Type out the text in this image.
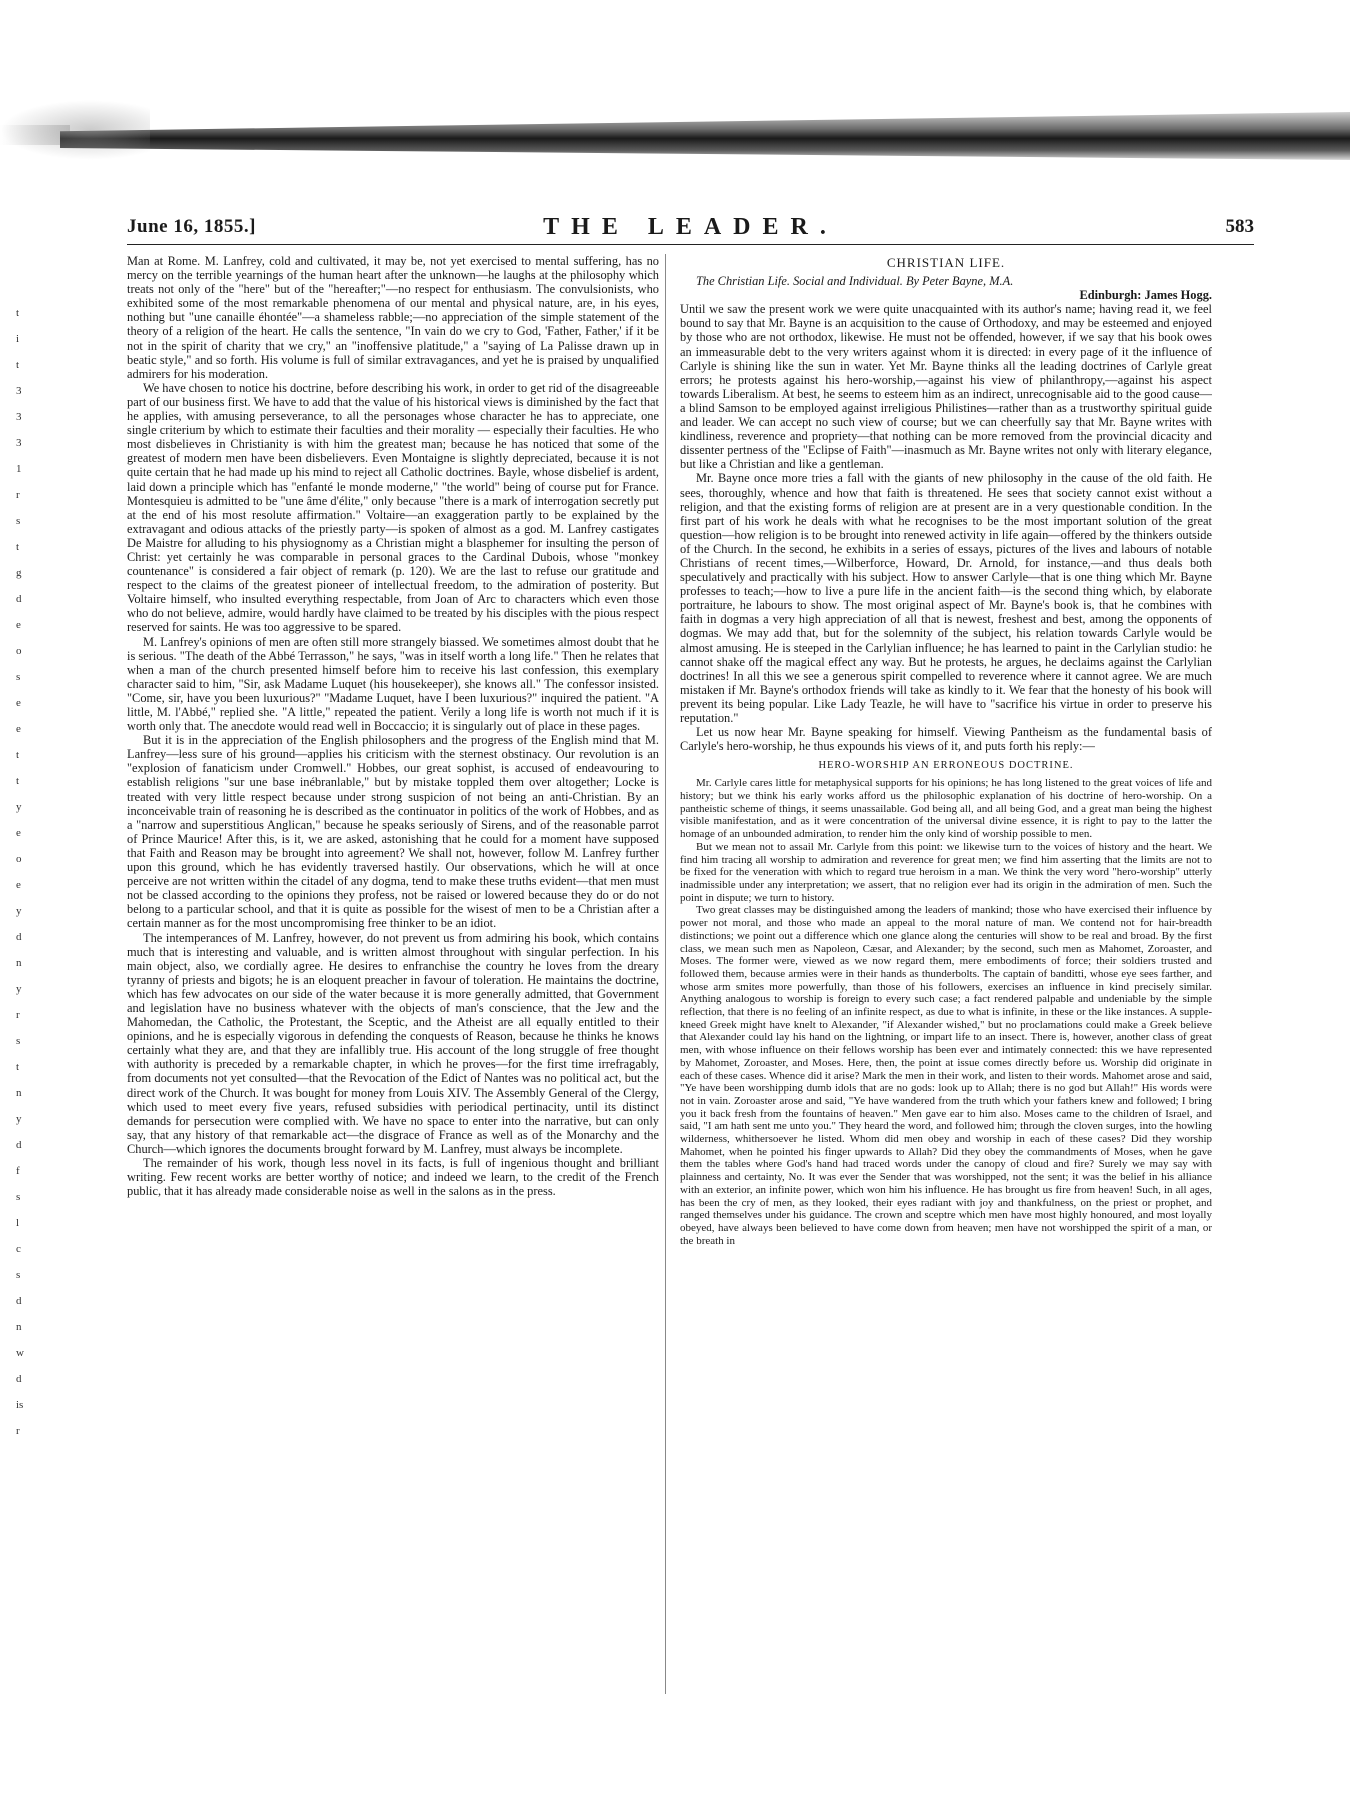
t
i
t
3
3
3
1
r
s
t
g
d
e
o
s
e
e
t
t
y
e
o
e
y
d
n
y
r
s
t
n
y
d
f
s
l
c
s
d
n
w
d
is
r
June 16, 1855.]	THE LEADER.	583

Man at Rome. M. Lanfrey, cold and cultivated, it may be, not yet exercised to mental suffering, has no mercy on the terrible yearnings of the human heart after the unknown—he laughs at the philosophy which treats not only of the "here" but of the "hereafter;"—no respect for enthusiasm. The convulsionists, who exhibited some of the most remarkable phenomena of our mental and physical nature, are, in his eyes, nothing but "une canaille éhontée"—a shameless rabble;—no appreciation of the simple statement of the theory of a religion of the heart. He calls the sentence, "In vain do we cry to God, 'Father, Father,' if it be not in the spirit of charity that we cry," an "inoffensive platitude," a "saying of La Palisse drawn up in beatic style," and so forth. His volume is full of similar extravagances, and yet he is praised by unqualified admirers for his moderation.

We have chosen to notice his doctrine, before describing his work, in order to get rid of the disagreeable part of our business first. We have to add that the value of his historical views is diminished by the fact that he applies, with amusing perseverance, to all the personages whose character he has to appreciate, one single criterium by which to estimate their faculties and their morality — especially their faculties. He who most disbelieves in Christianity is with him the greatest man; because he has noticed that some of the greatest of modern men have been disbelievers. Even Montaigne is slightly depreciated, because it is not quite certain that he had made up his mind to reject all Catholic doctrines. Bayle, whose disbelief is ardent, laid down a principle which has "enfanté le monde moderne," "the world" being of course put for France. Montesquieu is admitted to be "une âme d'élite," only because "there is a mark of interrogation secretly put at the end of his most resolute affirmation." Voltaire—an exaggeration partly to be explained by the extravagant and odious attacks of the priestly party—is spoken of almost as a god. M. Lanfrey castigates De Maistre for alluding to his physiognomy as a Christian might a blasphemer for insulting the person of Christ: yet certainly he was comparable in personal graces to the Cardinal Dubois, whose "monkey countenance" is considered a fair object of remark (p. 120). We are the last to refuse our gratitude and respect to the claims of the greatest pioneer of intellectual freedom, to the admiration of posterity. But Voltaire himself, who insulted everything respectable, from Joan of Arc to characters which even those who do not believe, admire, would hardly have claimed to be treated by his disciples with the pious respect reserved for saints. He was too aggressive to be spared.

M. Lanfrey's opinions of men are often still more strangely biassed. We sometimes almost doubt that he is serious. "The death of the Abbé Terrasson," he says, "was in itself worth a long life." Then he relates that when a man of the church presented himself before him to receive his last confession, this exemplary character said to him, "Sir, ask Madame Luquet (his housekeeper), she knows all." The confessor insisted. "Come, sir, have you been luxurious?" "Madame Luquet, have I been luxurious?" inquired the patient. "A little, M. l'Abbé," replied she. "A little," repeated the patient. Verily a long life is worth not much if it is worth only that. The anecdote would read well in Boccaccio; it is singularly out of place in these pages.

But it is in the appreciation of the English philosophers and the progress of the English mind that M. Lanfrey—less sure of his ground—applies his criticism with the sternest obstinacy. Our revolution is an "explosion of fanaticism under Cromwell." Hobbes, our great sophist, is accused of endeavouring to establish religions "sur une base inébranlable," but by mistake toppled them over altogether; Locke is treated with very little respect because under strong suspicion of not being an anti-Christian. By an inconceivable train of reasoning he is described as the continuator in politics of the work of Hobbes, and as a "narrow and superstitious Anglican," because he speaks seriously of Sirens, and of the reasonable parrot of Prince Maurice! After this, is it, we are asked, astonishing that he could for a moment have supposed that Faith and Reason may be brought into agreement? We shall not, however, follow M. Lanfrey further upon this ground, which he has evidently traversed hastily. Our observations, which he will at once perceive are not written within the citadel of any dogma, tend to make these truths evident—that men must not be classed according to the opinions they profess, not be raised or lowered because they do or do not belong to a particular school, and that it is quite as possible for the wisest of men to be a Christian after a certain manner as for the most uncompromising free thinker to be an idiot.

The intemperances of M. Lanfrey, however, do not prevent us from admiring his book, which contains much that is interesting and valuable, and is written almost throughout with singular perfection. In his main object, also, we cordially agree. He desires to enfranchise the country he loves from the dreary tyranny of priests and bigots; he is an eloquent preacher in favour of toleration. He maintains the doctrine, which has few advocates on our side of the water because it is more generally admitted, that Government and legislation have no business whatever with the objects of man's conscience, that the Jew and the Mahomedan, the Catholic, the Protestant, the Sceptic, and the Atheist are all equally entitled to their opinions, and he is especially vigorous in defending the conquests of Reason, because he thinks he knows certainly what they are, and that they are infallibly true. His account of the long struggle of free thought with authority is preceded by a remarkable chapter, in which he proves—for the first time irrefragably, from documents not yet consulted—that the Revocation of the Edict of Nantes was no political act, but the direct work of the Church. It was bought for money from Louis XIV. The Assembly General of the Clergy, which used to meet every five years, refused subsidies with periodical pertinacity, until its distinct demands for persecution were complied with. We have no space to enter into the narrative, but can only say, that any history of that remarkable act—the disgrace of France as well as of the Monarchy and the Church—which ignores the documents brought forward by M. Lanfrey, must always be incomplete.

The remainder of his work, though less novel in its facts, is full of ingenious thought and brilliant writing. Few recent works are better worthy of notice; and indeed we learn, to the credit of the French public, that it has already made considerable noise as well in the salons as in the press.

CHRISTIAN LIFE.

The Christian Life. Social and Individual. By Peter Bayne, M.A.

Edinburgh: James Hogg.

Until we saw the present work we were quite unacquainted with its author's name; having read it, we feel bound to say that Mr. Bayne is an acquisition to the cause of Orthodoxy, and may be esteemed and enjoyed by those who are not orthodox, likewise. He must not be offended, however, if we say that his book owes an immeasurable debt to the very writers against whom it is directed: in every page of it the influence of Carlyle is shining like the sun in water. Yet Mr. Bayne thinks all the leading doctrines of Carlyle great errors; he protests against his hero-worship,—against his view of philanthropy,—against his aspect towards Liberalism. At best, he seems to esteem him as an indirect, unrecognisable aid to the good cause—a blind Samson to be employed against irreligious Philistines—rather than as a trustworthy spiritual guide and leader. We can accept no such view of course; but we can cheerfully say that Mr. Bayne writes with kindliness, reverence and propriety—that nothing can be more removed from the provincial dicacity and dissenter pertness of the "Eclipse of Faith"—inasmuch as Mr. Bayne writes not only with literary elegance, but like a Christian and like a gentleman.

Mr. Bayne once more tries a fall with the giants of new philosophy in the cause of the old faith. He sees, thoroughly, whence and how that faith is threatened. He sees that society cannot exist without a religion, and that the existing forms of religion are at present are in a very questionable condition. In the first part of his work he deals with what he recognises to be the most important solution of the great question—how religion is to be brought into renewed activity in life again—offered by the thinkers outside of the Church. In the second, he exhibits in a series of essays, pictures of the lives and labours of notable Christians of recent times,—Wilberforce, Howard, Dr. Arnold, for instance,—and thus deals both speculatively and practically with his subject. How to answer Carlyle—that is one thing which Mr. Bayne professes to teach;—how to live a pure life in the ancient faith—is the second thing which, by elaborate portraiture, he labours to show. The most original aspect of Mr. Bayne's book is, that he combines with faith in dogmas a very high appreciation of all that is newest, freshest and best, among the opponents of dogmas. We may add that, but for the solemnity of the subject, his relation towards Carlyle would be almost amusing. He is steeped in the Carlylian influence; he has learned to paint in the Carlylian studio: he cannot shake off the magical effect any way. But he protests, he argues, he declaims against the Carlylian doctrines! In all this we see a generous spirit compelled to reverence where it cannot agree. We are much mistaken if Mr. Bayne's orthodox friends will take as kindly to it. We fear that the honesty of his book will prevent its being popular. Like Lady Teazle, he will have to "sacrifice his virtue in order to preserve his reputation."

Let us now hear Mr. Bayne speaking for himself. Viewing Pantheism as the fundamental basis of Carlyle's hero-worship, he thus expounds his views of it, and puts forth his reply:—

HERO-WORSHIP AN ERRONEOUS DOCTRINE.

Mr. Carlyle cares little for metaphysical supports for his opinions; he has long listened to the great voices of life and history; but we think his early works afford us the philosophic explanation of his doctrine of hero-worship. On a pantheistic scheme of things, it seems unassailable. God being all, and all being God, and a great man being the highest visible manifestation, and as it were concentration of the universal divine essence, it is right to pay to the latter the homage of an unbounded admiration, to render him the only kind of worship possible to men.

But we mean not to assail Mr. Carlyle from this point: we likewise turn to the voices of history and the heart. We find him tracing all worship to admiration and reverence for great men; we find him asserting that the limits are not to be fixed for the veneration with which to regard true heroism in a man. We think the very word "hero-worship" utterly inadmissible under any interpretation; we assert, that no religion ever had its origin in the admiration of men. Such the point in dispute; we turn to history.

Two great classes may be distinguished among the leaders of mankind; those who have exercised their influence by power not moral, and those who made an appeal to the moral nature of man. We contend not for hair-breadth distinctions; we point out a difference which one glance along the centuries will show to be real and broad. By the first class, we mean such men as Napoleon, Cæsar, and Alexander; by the second, such men as Mahomet, Zoroaster, and Moses. The former were, viewed as we now regard them, mere embodiments of force; their soldiers trusted and followed them, because armies were in their hands as thunderbolts. The captain of banditti, whose eye sees farther, and whose arm smites more powerfully, than those of his followers, exercises an influence in kind precisely similar. Anything analogous to worship is foreign to every such case; a fact rendered palpable and undeniable by the simple reflection, that there is no feeling of an infinite respect, as due to what is infinite, in these or the like instances. A supple-kneed Greek might have knelt to Alexander, "if Alexander wished," but no proclamations could make a Greek believe that Alexander could lay his hand on the lightning, or impart life to an insect. There is, however, another class of great men, with whose influence on their fellows worship has been ever and intimately connected: this we have represented by Mahomet, Zoroaster, and Moses. Here, then, the point at issue comes directly before us. Worship did originate in each of these cases. Whence did it arise? Mark the men in their work, and listen to their words. Mahomet arose and said, "Ye have been worshipping dumb idols that are no gods: look up to Allah; there is no god but Allah!" His words were not in vain. Zoroaster arose and said, "Ye have wandered from the truth which your fathers knew and followed; I bring you it back fresh from the fountains of heaven." Men gave ear to him also. Moses came to the children of Israel, and said, "I am hath sent me unto you." They heard the word, and followed him; through the cloven surges, into the howling wilderness, whithersoever he listed. Whom did men obey and worship in each of these cases? Did they worship Mahomet, when he pointed his finger upwards to Allah? Did they obey the commandments of Moses, when he gave them the tables where God's hand had traced words under the canopy of cloud and fire? Surely we may say with plainness and certainty, No. It was ever the Sender that was worshipped, not the sent; it was the belief in his alliance with an exterior, an infinite power, which won him his influence. He has brought us fire from heaven! Such, in all ages, has been the cry of men, as they looked, their eyes radiant with joy and thankfulness, on the priest or prophet, and ranged themselves under his guidance. The crown and sceptre which men have most highly honoured, and most loyally obeyed, have always been believed to have come down from heaven; men have not worshipped the spirit of a man, or the breath in
